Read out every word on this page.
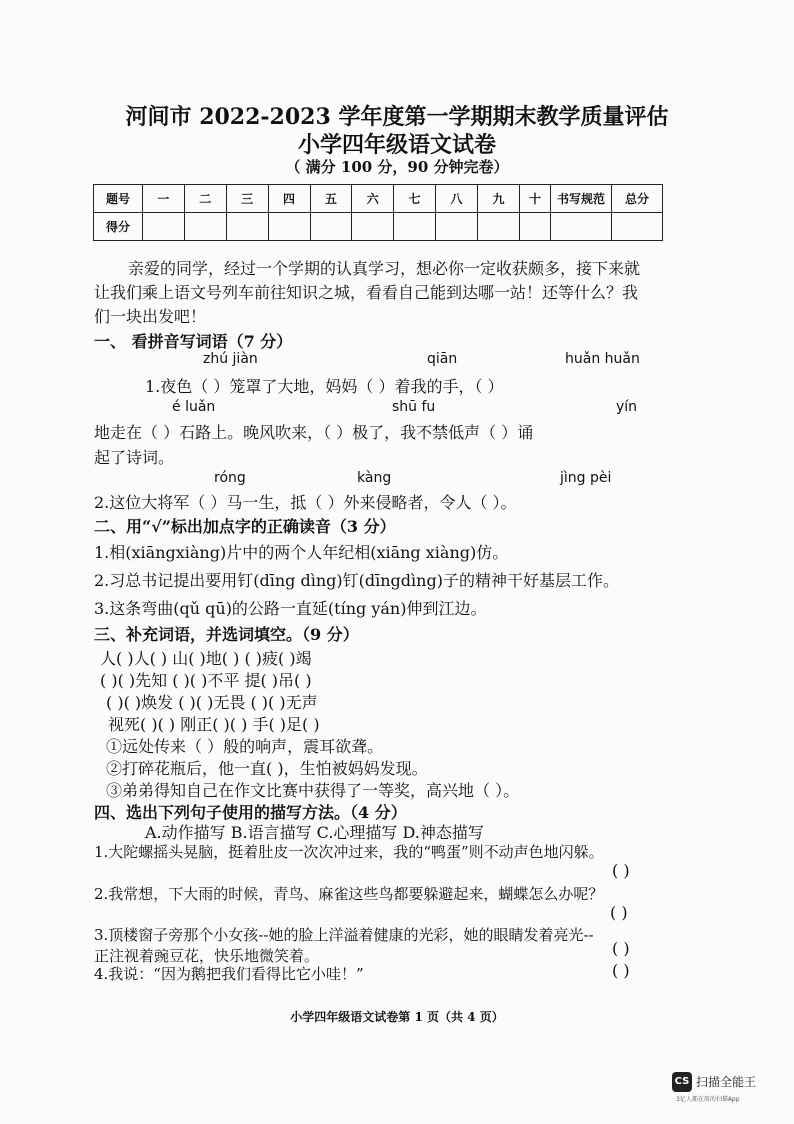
河间市 2022-2023 学年度第一学期期末教学质量评估
小学四年级语文试卷
（ 满分 100 分，90 分钟完卷）
题号	一	二	三	四	五	六	七	八	九	十	书写规范	总分
得分												
亲爱的同学，经过一个学期的认真学习，想必你一定收获颇多，接下来就
让我们乘上语文号列车前往知识之城，看看自己能到达哪一站！还等什么？我
们一块出发吧！
一、 看拼音写词语（7 分）
zhú jiàn	qiān	huǎn huǎn
1.夜色（ ）笼罩了大地，妈妈（ ）着我的手，（ ）
é luǎn	shū fu	yín
地走在（ ）石路上。晚风吹来，（ ）极了，我不禁低声（ ）诵
起了诗词。
róng	kàng	jìng pèi
2.这位大将军（ ）马一生，抵（ ）外来侵略者，令人（ ）。
二、用“√”标出加点字的正确读音（3 分）
1.相(xiāngxiàng)片中的两个人年纪相(xiāng xiàng)仿。
2.习总书记提出要用钉(dīng dìng)钉(dīngdìng)子的精神干好基层工作。
3.这条弯曲(qǔ qū)的公路一直延(tíng yán)伸到江边。
三、补充词语，并选词填空。（9 分）
人( )人( ) 山( )地( ) ( )疲( )竭
( )( )先知 ( )( )不平 提( )吊( )
( )( )焕发 ( )( )无畏 ( )( )无声
视死( )( ) 刚正( )( ) 手( )足( )
①远处传来（ ）般的响声，震耳欲聋。
②打碎花瓶后，他一直( )，生怕被妈妈发现。
③弟弟得知自己在作文比赛中获得了一等奖，高兴地（ ）。
四、选出下列句子使用的描写方法。（4 分）
A.动作描写 B.语言描写 C.心理描写 D.神态描写
1.大陀螺摇头晃脑，挺着肚皮一次次冲过来，我的“鸭蛋”则不动声色地闪躲。
( )
2.我常想，下大雨的时候，青鸟、麻雀这些鸟都要躲避起来，蝴蝶怎么办呢？
( )
3.顶楼窗子旁那个小女孩--她的脸上洋溢着健康的光彩，她的眼睛发着亮光--
正注视着豌豆花，快乐地微笑着。	( )
4.我说：“因为鹅把我们看得比它小哇！”	( )
小学四年级语文试卷第 1 页（共 4 页）
CS 扫描全能王
3亿人都在用的扫描App
